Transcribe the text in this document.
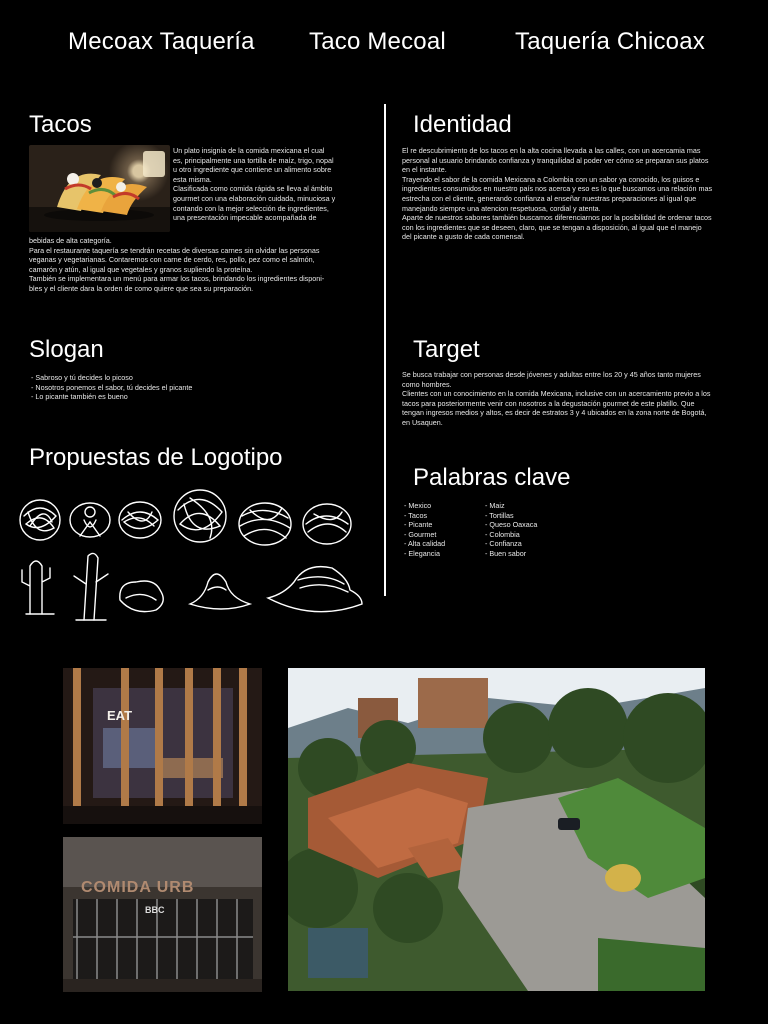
Mecoax Taquería Taco Mecoal	Taquería Chicoax
Tacos
Un plato insignia de la comida mexicana el cual
es, principalmente una tortilla de maíz, trigo, nopal
u otro ingrediente que contiene un alimento sobre
esta misma.
Clasificada como comida rápida se lleva al ámbito
gourmet con una elaboración cuidada, minuciosa y
contando con la mejor selección de ingredientes,
una presentación impecable acompañada de
bebidas de alta categoría.
Para el restaurante taquería se tendrán recetas de diversas carnes sin olvidar las personas
veganas y vegetarianas. Contaremos con carne de cerdo, res, pollo, pez como el salmón,
camarón y atún, al igual que vegetales y granos supliendo la proteína.
También se implementara un menú para armar los tacos, brindando los ingredientes disponi-
bles y el cliente dara la orden de como quiere que sea su preparación.
Identidad
El re descubrimiento de los tacos en la alta cocina llevada a las calles, con un acercamia mas
personal al usuario brindando confianza y tranquilidad al poder ver cómo se preparan sus platos
en el instante.
Trayendo el sabor de la comida Mexicana a Colombia con un sabor ya conocido, los guisos e
ingredientes consumidos en nuestro país nos acerca y eso es lo que buscamos una relación mas
estrecha con el cliente, generando confianza al enseñar nuestras preparaciones al igual que
manejando siempre una atencion respetuosa, cordial y atenta.
Aparte de nuestros sabores también buscamos diferenciarnos por la posibilidad de ordenar tacos
con los ingredientes que se deseen, claro, que se tengan a disposición, al igual que el manejo
del picante a gusto de cada comensal.
Slogan
- Sabroso y tú decides lo picoso
- Nosotros ponemos el sabor, tú decides el picante
- Lo picante también es bueno
Target
Se busca trabajar con personas desde jóvenes y adultas entre los 20 y 45 años tanto mujeres
como hombres.
Clientes con un conocimiento en la comida Mexicana, inclusive con un acercamiento previo a los
tacos para posteriormente venir con nosotros a la degustación gourmet de este platillo. Que
tengan ingresos medios y altos, es decir de estratos 3 y 4 ubicados en la zona norte de Bogotá,
en Usaquen.
Propuestas de Logotipo
Palabras clave
- Mexico
- Tacos
- Picante
- Gourmet
- Alta calidad
- Elegancia
- Maiz
- Tortillas
- Queso Oaxaca
- Colombia
- Confianza
- Buen sabor
EAT
COMIDA URB
BBC
